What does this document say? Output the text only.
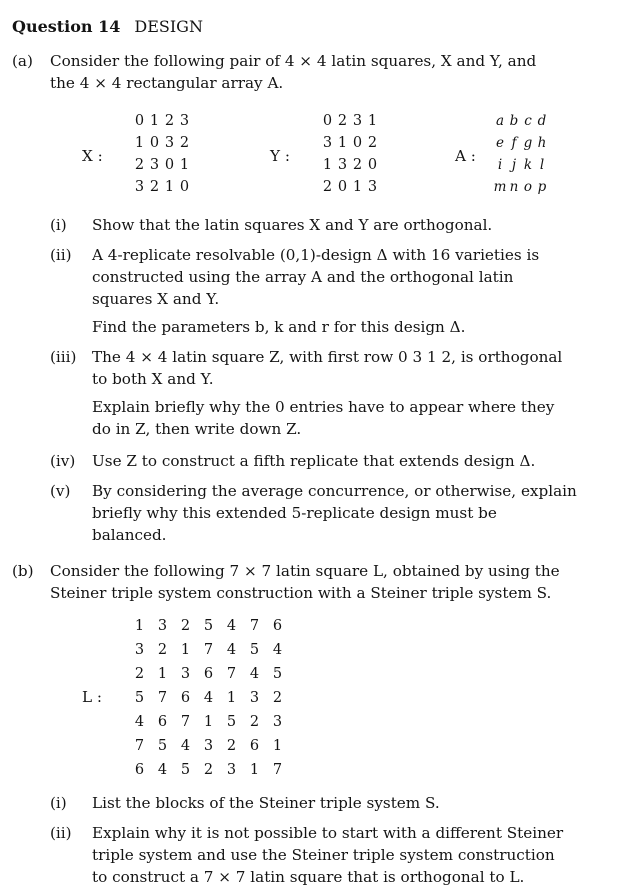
Question 14 DESIGN
(a) Consider the following pair of 4 × 4 latin squares, X and Y, and
the 4 × 4 rectangular array A.
X :
0	1	2	3
1	0	3	2
2	3	0	1
3	2	1	0
Y :
0	2	3	1
3	1	0	2
1	3	2	0
2	0	1	3
A :
a	b	c	d
e	f	g	h
i	j	k	l
m	n	o	p
(i) Show that the latin squares X and Y are orthogonal.
(ii) A 4-replicate resolvable (0,1)-design Δ with 16 varieties is
constructed using the array A and the orthogonal latin
squares X and Y.
Find the parameters b, k and r for this design Δ.
(iii) The 4 × 4 latin square Z, with first row 0 3 1 2, is orthogonal
to both X and Y.
Explain briefly why the 0 entries have to appear where they
do in Z, then write down Z.
(iv) Use Z to construct a fifth replicate that extends design Δ.
(v) By considering the average concurrence, or otherwise, explain
briefly why this extended 5-replicate design must be
balanced.
(b) Consider the following 7 × 7 latin square L, obtained by using the
Steiner triple system construction with a Steiner triple system S.
L :
1	3	2	5	4	7	6
3	2	1	7	4	5	4
2	1	3	6	7	4	5
5	7	6	4	1	3	2
4	6	7	1	5	2	3
7	5	4	3	2	6	1
6	4	5	2	3	1	7
(i) List the blocks of the Steiner triple system S.
(ii) Explain why it is not possible to start with a different Steiner
triple system and use the Steiner triple system construction
to construct a 7 × 7 latin square that is orthogonal to L.
